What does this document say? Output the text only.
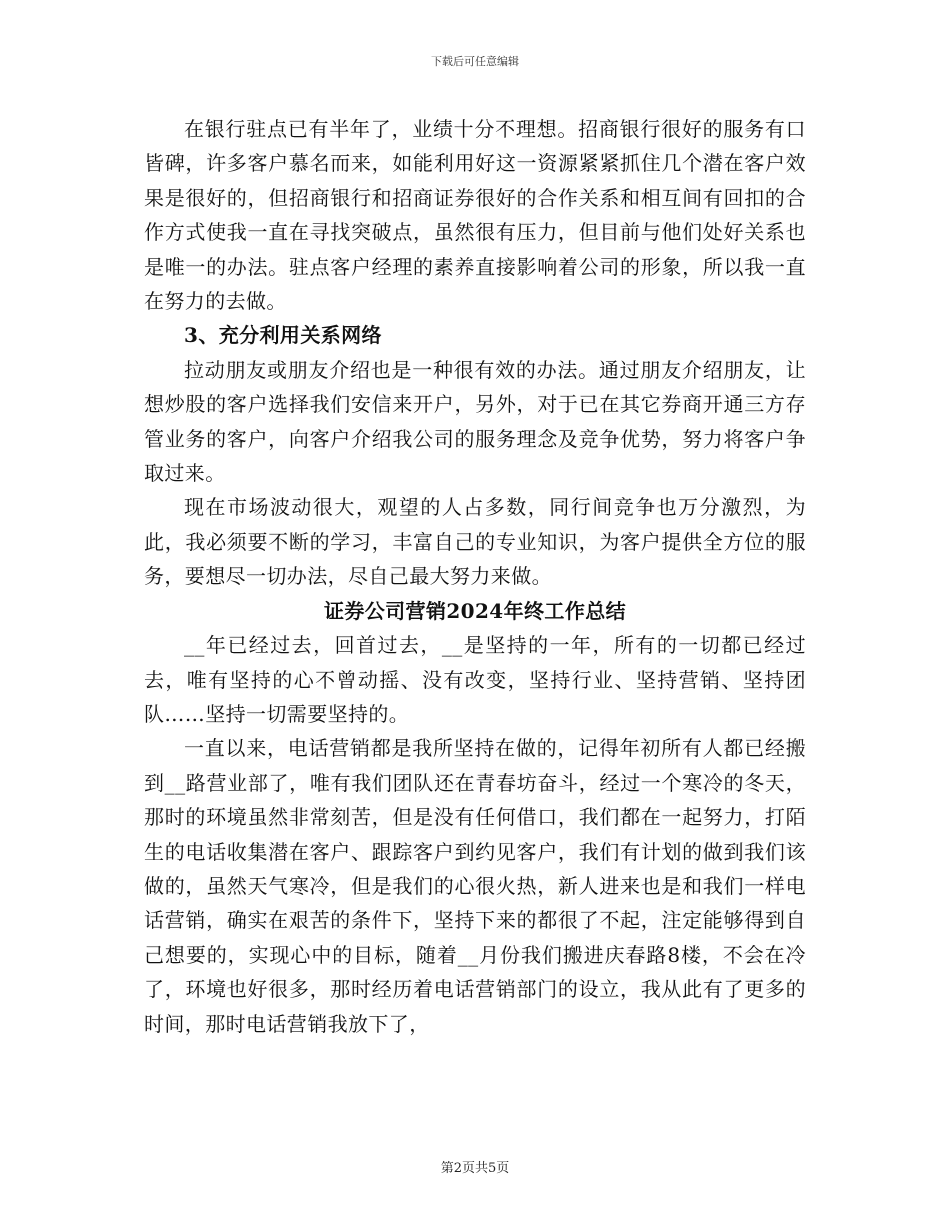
下载后可任意编辑

在银行驻点已有半年了，业绩十分不理想。招商银行很好的服务有口皆碑，许多客户慕名而来，如能利用好这一资源紧紧抓住几个潜在客户效果是很好的，但招商银行和招商证券很好的合作关系和相互间有回扣的合作方式使我一直在寻找突破点，虽然很有压力，但目前与他们处好关系也是唯一的办法。驻点客户经理的素养直接影响着公司的形象，所以我一直在努力的去做。

3、充分利用关系网络

拉动朋友或朋友介绍也是一种很有效的办法。通过朋友介绍朋友，让想炒股的客户选择我们安信来开户，另外，对于已在其它券商开通三方存管业务的客户，向客户介绍我公司的服务理念及竞争优势，努力将客户争取过来。

现在市场波动很大，观望的人占多数，同行间竞争也万分激烈，为此，我必须要不断的学习，丰富自己的专业知识，为客户提供全方位的服务，要想尽一切办法，尽自己最大努力来做。

证券公司营销2024年终工作总结

__年已经过去，回首过去，__是坚持的一年，所有的一切都已经过去，唯有坚持的心不曾动摇、没有改变，坚持行业、坚持营销、坚持团队……坚持一切需要坚持的。

一直以来，电话营销都是我所坚持在做的，记得年初所有人都已经搬到__路营业部了，唯有我们团队还在青春坊奋斗，经过一个寒冷的冬天，那时的环境虽然非常刻苦，但是没有任何借口，我们都在一起努力，打陌生的电话收集潜在客户、跟踪客户到约见客户，我们有计划的做到我们该做的，虽然天气寒冷，但是我们的心很火热，新人进来也是和我们一样电话营销，确实在艰苦的条件下，坚持下来的都很了不起，注定能够得到自己想要的，实现心中的目标，随着__月份我们搬进庆春路8楼，不会在冷了，环境也好很多，那时经历着电话营销部门的设立，我从此有了更多的时间，那时电话营销我放下了，

第2页共5页
